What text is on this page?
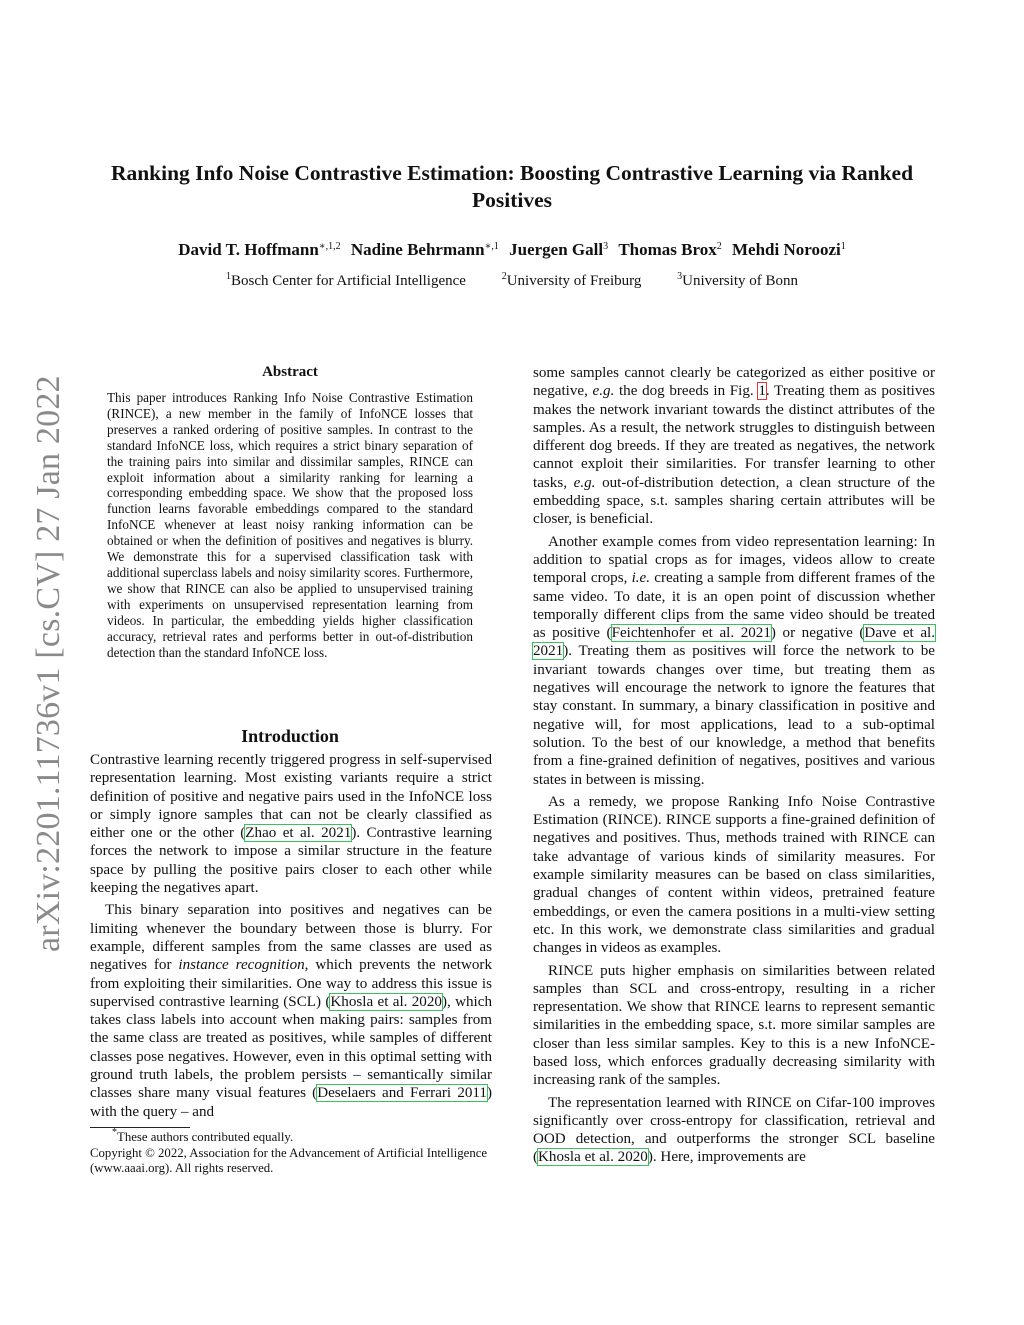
Ranking Info Noise Contrastive Estimation: Boosting Contrastive Learning via Ranked Positives
David T. Hoffmann$^{∗,1,2}$ Nadine Behrmann$^{∗,1}$ Juergen Gall$^3$ Thomas Brox$^2$ Mehdi Noroozi$^1$
$^1$Bosch Center for Artificial Intelligence	$^2$University of Freiburg	$^3$University of Bonn
arXiv:2201.11736v1 [cs.CV] 27 Jan 2022
Abstract
This paper introduces Ranking Info Noise Contrastive Estimation (RINCE), a new member in the family of InfoNCE losses that preserves a ranked ordering of positive samples. In contrast to the standard InfoNCE loss, which requires a strict binary separation of the training pairs into similar and dissimilar samples, RINCE can exploit information about a similarity ranking for learning a corresponding embedding space. We show that the proposed loss function learns favorable embeddings compared to the standard InfoNCE whenever at least noisy ranking information can be obtained or when the definition of positives and negatives is blurry. We demonstrate this for a supervised classification task with additional superclass labels and noisy similarity scores. Furthermore, we show that RINCE can also be applied to unsupervised training with experiments on unsupervised representation learning from videos. In particular, the embedding yields higher classification accuracy, retrieval rates and performs better in out-of-distribution detection than the standard InfoNCE loss.
Introduction

Contrastive learning recently triggered progress in self-supervised representation learning. Most existing variants require a strict definition of positive and negative pairs used in the InfoNCE loss or simply ignore samples that can not be clearly classified as either one or the other (Zhao et al. 2021). Contrastive learning forces the network to impose a similar structure in the feature space by pulling the positive pairs closer to each other while keeping the negatives apart.

This binary separation into positives and negatives can be limiting whenever the boundary between those is blurry. For example, different samples from the same classes are used as negatives for instance recognition, which prevents the network from exploiting their similarities. One way to address this issue is supervised contrastive learning (SCL) (Khosla et al. 2020), which takes class labels into account when making pairs: samples from the same class are treated as positives, while samples of different classes pose negatives. However, even in this optimal setting with ground truth labels, the problem persists – semantically similar classes share many visual features (Deselaers and Ferrari 2011) with the query – and

*These authors contributed equally.
Copyright © 2022, Association for the Advancement of Artificial Intelligence (www.aaai.org). All rights reserved.

some samples cannot clearly be categorized as either positive or negative, e.g. the dog breeds in Fig. 1. Treating them as positives makes the network invariant towards the distinct attributes of the samples. As a result, the network struggles to distinguish between different dog breeds. If they are treated as negatives, the network cannot exploit their similarities. For transfer learning to other tasks, e.g. out-of-distribution detection, a clean structure of the embedding space, s.t. samples sharing certain attributes will be closer, is beneficial.

Another example comes from video representation learning: In addition to spatial crops as for images, videos allow to create temporal crops, i.e. creating a sample from different frames of the same video. To date, it is an open point of discussion whether temporally different clips from the same video should be treated as positive (Feichtenhofer et al. 2021) or negative (Dave et al. 2021). Treating them as positives will force the network to be invariant towards changes over time, but treating them as negatives will encourage the network to ignore the features that stay constant. In summary, a binary classification in positive and negative will, for most applications, lead to a sub-optimal solution. To the best of our knowledge, a method that benefits from a fine-grained definition of negatives, positives and various states in between is missing.

As a remedy, we propose Ranking Info Noise Contrastive Estimation (RINCE). RINCE supports a fine-grained definition of negatives and positives. Thus, methods trained with RINCE can take advantage of various kinds of similarity measures. For example similarity measures can be based on class similarities, gradual changes of content within videos, pretrained feature embeddings, or even the camera positions in a multi-view setting etc. In this work, we demonstrate class similarities and gradual changes in videos as examples.

RINCE puts higher emphasis on similarities between related samples than SCL and cross-entropy, resulting in a richer representation. We show that RINCE learns to represent semantic similarities in the embedding space, s.t. more similar samples are closer than less similar samples. Key to this is a new InfoNCE-based loss, which enforces gradually decreasing similarity with increasing rank of the samples.

The representation learned with RINCE on Cifar-100 improves significantly over cross-entropy for classification, retrieval and OOD detection, and outperforms the stronger SCL baseline (Khosla et al. 2020). Here, improvements are
